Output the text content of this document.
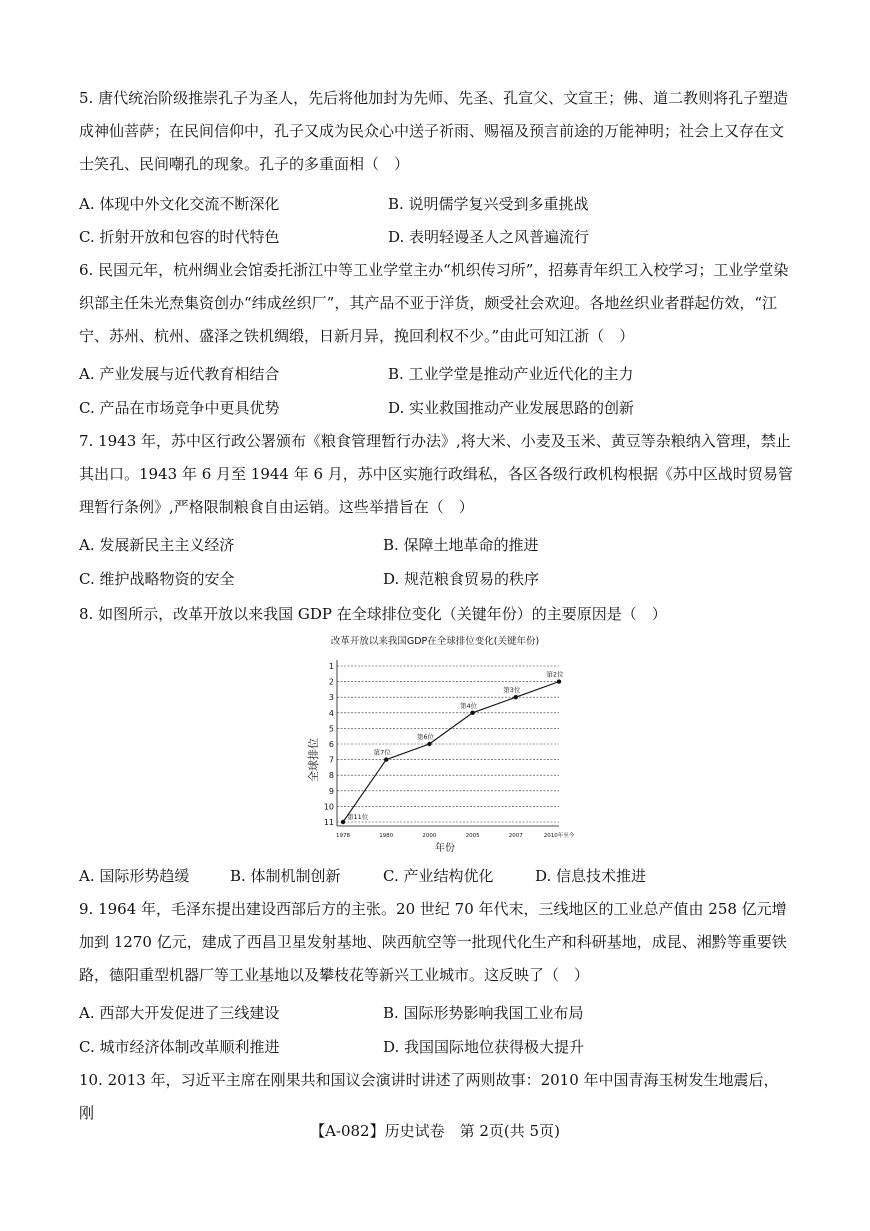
5. 唐代统治阶级推崇孔子为圣人，先后将他加封为先师、先圣、孔宣父、文宣王；佛、道二教则将孔子塑造成神仙菩萨；在民间信仰中，孔子又成为民众心中送子祈雨、赐福及预言前途的万能神明；社会上又存在文士笑孔、民间嘲孔的现象。孔子的多重面相（　）
A. 体现中外文化交流不断深化	B. 说明儒学复兴受到多重挑战
C. 折射开放和包容的时代特色	D. 表明轻谩圣人之风普遍流行
6. 民国元年，杭州绸业会馆委托浙江中等工业学堂主办“机织传习所”，招募青年织工入校学习；工业学堂染织部主任朱光焘集资创办“纬成丝织厂”，其产品不亚于洋货，颇受社会欢迎。各地丝织业者群起仿效，“江宁、苏州、杭州、盛泽之铁机绸缎，日新月异，挽回利权不少。”由此可知江浙（　）
A. 产业发展与近代教育相结合	B. 工业学堂是推动产业近代化的主力
C. 产品在市场竞争中更具优势	D. 实业救国推动产业发展思路的创新
7. 1943 年，苏中区行政公署颁布《粮食管理暂行办法》,将大米、小麦及玉米、黄豆等杂粮纳入管理，禁止其出口。1943 年 6 月至 1944 年 6 月，苏中区实施行政缉私，各区各级行政机构根据《苏中区战时贸易管理暂行条例》,严格限制粮食自由运销。这些举措旨在（　）
A. 发展新民主主义经济	B. 保障土地革命的推进
C. 维护战略物资的安全	D. 规范粮食贸易的秩序
8. 如图所示，改革开放以来我国 GDP 在全球排位变化（关键年份）的主要原因是（　）
改革开放以来我国GDP在全球排位变化(关键年份)
全球排位
年份
1
2
3
4
5
6
7
8
9
10
11
1978	1980	2000	2005	2007	2010年至今
第11位
第7位
第6位
第4位
第3位
第2位
A. 国际形势趋缓	B. 体制机制创新	C. 产业结构优化	D. 信息技术推进
9. 1964 年，毛泽东提出建设西部后方的主张。20 世纪 70 年代末，三线地区的工业总产值由 258 亿元增加到 1270 亿元，建成了西昌卫星发射基地、陕西航空等一批现代化生产和科研基地，成昆、湘黔等重要铁路，德阳重型机器厂等工业基地以及攀枝花等新兴工业城市。这反映了（　）
A. 西部大开发促进了三线建设	B. 国际形势影响我国工业布局
C. 城市经济体制改革顺利推进	D. 我国国际地位获得极大提升
10. 2013 年，习近平主席在刚果共和国议会演讲时讲述了两则故事：2010 年中国青海玉树发生地震后，刚
【A-082】历史试卷　第 2页(共 5页)
